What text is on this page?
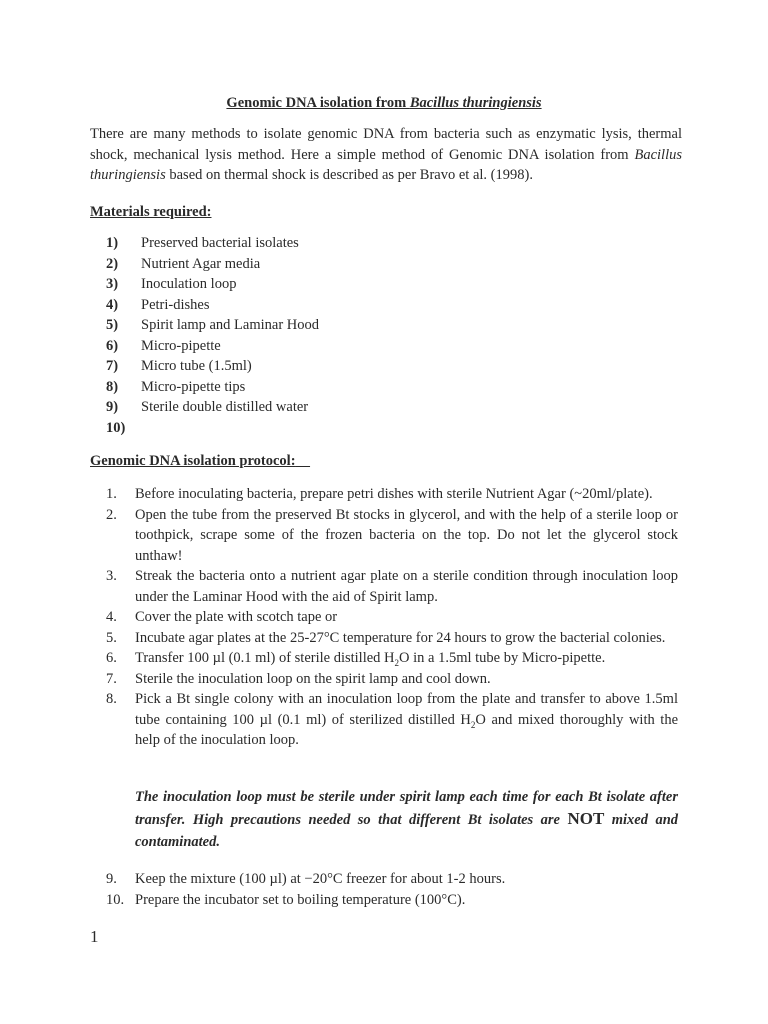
Genomic DNA isolation from Bacillus thuringiensis
There are many methods to isolate genomic DNA from bacteria such as enzymatic lysis, thermal shock, mechanical lysis method. Here a simple method of Genomic DNA isolation from Bacillus thuringiensis based on thermal shock is described as per Bravo et al. (1998).
Materials required:
1)	Preserved bacterial isolates
2)	Nutrient Agar media
3)	Inoculation loop
4)	Petri-dishes
5)	Spirit lamp and Laminar Hood
6)	Micro-pipette
7)	Micro tube (1.5ml)
8)	Micro-pipette tips
9)	Sterile double distilled water
10)
Genomic DNA isolation protocol:
1.	Before inoculating bacteria, prepare petri dishes with sterile Nutrient Agar (~20ml/plate).
2.	Open the tube from the preserved Bt stocks in glycerol, and with the help of a sterile loop or toothpick, scrape some of the frozen bacteria on the top. Do not let the glycerol stock unthaw!
3.	Streak the bacteria onto a nutrient agar plate on a sterile condition through inoculation loop under the Laminar Hood with the aid of Spirit lamp.
4.	Cover the plate with scotch tape or
5.	Incubate agar plates at the 25-27°C temperature for 24 hours to grow the bacterial colonies.
6.	Transfer 100 µl (0.1 ml) of sterile distilled $H_2O$ in a 1.5ml tube by Micro-pipette.
7.	Sterile the inoculation loop on the spirit lamp and cool down.
8.	Pick a Bt single colony with an inoculation loop from the plate and transfer to above 1.5ml tube containing 100 µl (0.1 ml) of sterilized distilled $H_2O$ and mixed thoroughly with the help of the inoculation loop.
The inoculation loop must be sterile under spirit lamp each time for each Bt isolate after transfer. High precautions needed so that different Bt isolates are NOT mixed and contaminated.
9.	Keep the mixture (100 µl) at −20°C freezer for about 1-2 hours.
10. Prepare the incubator set to boiling temperature (100°C).
1
